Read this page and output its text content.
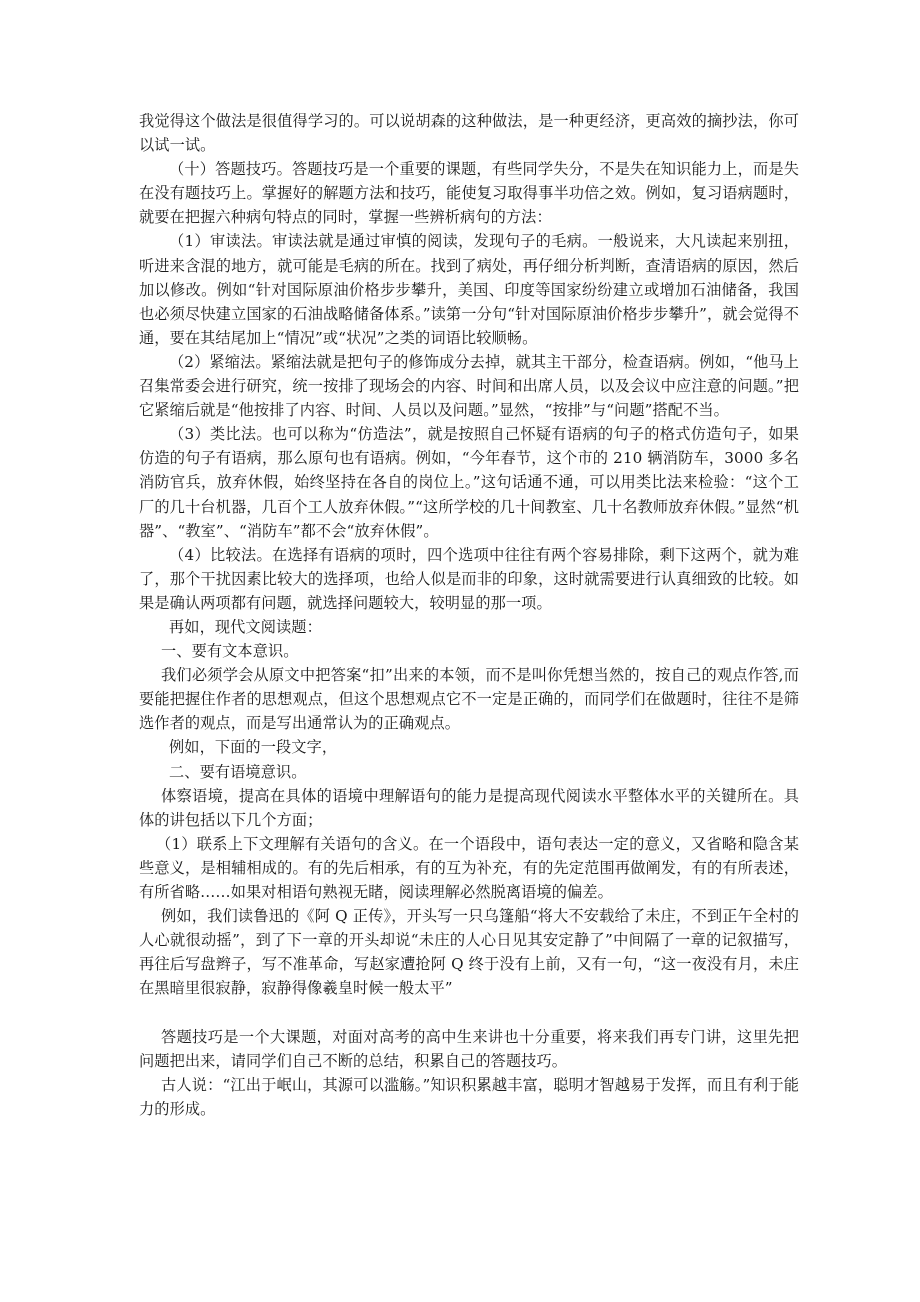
我觉得这个做法是很值得学习的。可以说胡森的这种做法，是一种更经济，更高效的摘抄法，你可以试一试。

（十）答题技巧。答题技巧是一个重要的课题，有些同学失分，不是失在知识能力上，而是失在没有题技巧上。掌握好的解题方法和技巧，能使复习取得事半功倍之效。例如，复习语病题时，就要在把握六种病句特点的同时，掌握一些辨析病句的方法：

（1）审读法。审读法就是通过审慎的阅读，发现句子的毛病。一般说来，大凡读起来别扭，听进来含混的地方，就可能是毛病的所在。找到了病处，再仔细分析判断，查清语病的原因，然后加以修改。例如“针对国际原油价格步步攀升，美国、印度等国家纷纷建立或增加石油储备，我国也必须尽快建立国家的石油战略储备体系。”读第一分句“针对国际原油价格步步攀升”，就会觉得不通，要在其结尾加上“情况”或“状况”之类的词语比较顺畅。

（2）紧缩法。紧缩法就是把句子的修饰成分去掉，就其主干部分，检查语病。例如，“他马上召集常委会进行研究，统一按排了现场会的内容、时间和出席人员，以及会议中应注意的问题。”把它紧缩后就是“他按排了内容、时间、人员以及问题。”显然，“按排”与“问题”搭配不当。

（3）类比法。也可以称为“仿造法”，就是按照自己怀疑有语病的句子的格式仿造句子，如果仿造的句子有语病，那么原句也有语病。例如，“今年春节，这个市的 210 辆消防车，3000 多名消防官兵，放弃休假，始终坚持在各自的岗位上。”这句话通不通，可以用类比法来检验：“这个工厂的几十台机器，几百个工人放弃休假。”“这所学校的几十间教室、几十名教师放弃休假。”显然“机器”、“教室”、“消防车”都不会“放弃休假”。

（4）比较法。在选择有语病的项时，四个选项中往往有两个容易排除，剩下这两个，就为难了，那个干扰因素比较大的选择项，也给人似是而非的印象，这时就需要进行认真细致的比较。如果是确认两项都有问题，就选择问题较大，较明显的那一项。

再如，现代文阅读题：

一、要有文本意识。

我们必须学会从原文中把答案“扣”出来的本领，而不是叫你凭想当然的，按自己的观点作答,而要能把握住作者的思想观点，但这个思想观点它不一定是正确的，而同学们在做题时，往往不是筛选作者的观点，而是写出通常认为的正确观点。

例如，下面的一段文字，

二、要有语境意识。

体察语境，提高在具体的语境中理解语句的能力是提高现代阅读水平整体水平的关键所在。具体的讲包括以下几个方面；

（1）联系上下文理解有关语句的含义。在一个语段中，语句表达一定的意义，又省略和隐含某些意义，是相辅相成的。有的先后相承，有的互为补充，有的先定范围再做阐发，有的有所表述，有所省略……如果对相语句熟视无睹，阅读理解必然脱离语境的偏差。

例如，我们读鲁迅的《阿 Q 正传》，开头写一只乌篷船“将大不安载给了未庄，不到正午全村的人心就很动摇”，到了下一章的开头却说“未庄的人心日见其安定静了”中间隔了一章的记叙描写，再往后写盘辫子，写不准革命，写赵家遭抢阿 Q 终于没有上前，又有一句，“这一夜没有月，未庄在黑暗里很寂静，寂静得像羲皇时候一般太平”

答题技巧是一个大课题，对面对高考的高中生来讲也十分重要，将来我们再专门讲，这里先把问题把出来，请同学们自己不断的总结，积累自己的答题技巧。

古人说：“江出于岷山，其源可以滥觞。”知识积累越丰富，聪明才智越易于发挥，而且有利于能力的形成。
